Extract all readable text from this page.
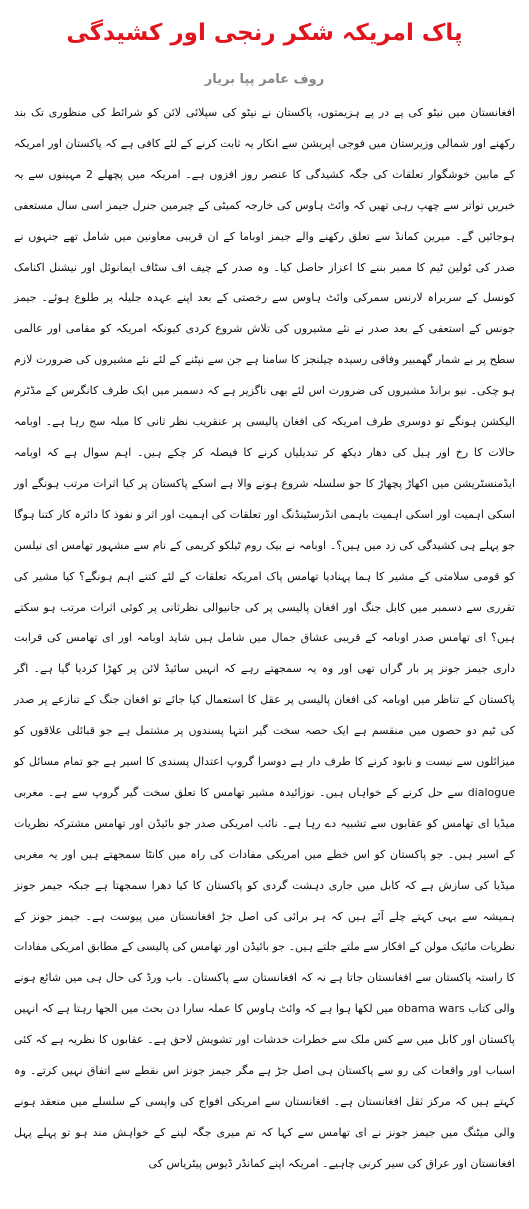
پاک امریکہ شکر رنجی اور کشیدگی
روف عامر پپا بریار

افغانستان میں نیٹو کی پے در پے ہزیمتوں، پاکستان نے نیٹو کی سپلائی لائن کو شرائط کی منظوری تک بند رکھنے اور شمالی وزیرستان میں فوجی اپریشن سے انکار یہ ثابت کرنے کے لئے کافی ہے کہ پاکستان اور امریکہ کے مابین خوشگوار تعلقات کی جگہ کشیدگی کا عنصر روز افزوں ہے۔ امریکہ میں پچھلے 2 مہینوں سے یہ خبریں تواتر سے چھپ رہی تھیں کہ وائٹ ہاوس کی خارجہ کمیٹی کے چیرمین جنرل جیمز اسی سال مستعفی ہوجائیں گے۔ میرین کمانڈ سے تعلق رکھنے والے جیمز اوباما کے ان قریبی معاونین میں شامل تھے جنہوں نے صدر کی ٹولین ٹیم کا ممبر بننے کا اعزاز حاصل کیا۔ وہ صدر کے چیف اف سٹاف ایمانوئل اور نیشنل اکنامک کونسل کے سربراہ لارنس سمرکی وائٹ ہاوس سے رخصتی کے بعد اپنے عہدہ جلیلہ پر طلوع ہوئے۔ جیمز جونس کے استعفی کے بعد صدر نے نئے مشیروں کی تلاش شروع کردی کیونکہ امریکہ کو مقامی اور عالمی سطح پر بے شمار گھمبیر وفاقی رسیدہ چیلنجز کا سامنا ہے جن سے نپٹنے کے لئے نئے مشیروں کی ضرورت لازم ہو چکی۔ نیو برانڈ مشیروں کی ضرورت اس لئے بھی ناگزیر ہے کہ دسمبر میں ایک طرف کانگرس کے مڈٹرم الیکشن ہونگے تو دوسری طرف امریکہ کی افغان پالیسی پر عنقریب نظر ثانی کا میلہ سج رہا ہے۔ اوبامہ حالات کا رخ اور ہیل کی دھار دیکھ کر تبدیلیاں کرنے کا فیصلہ کر چکے ہیں۔ اہم سوال ہے کہ اوبامہ ایڈمنسٹریشن میں اکھاڑ پچھاڑ کا جو سلسلہ شروع ہونے والا ہے اسکے پاکستان پر کیا اثرات مرتب ہونگے اور اسکی اہمیت اور اسکی اہمیت باہمی انڈرسٹینڈنگ اور تعلقات کی اہمیت اور اثر و نفوذ کا دائرہ کار کتنا ہوگا جو پہلے ہی کشیدگی کی زد میں ہیں؟۔ اوبامہ نے بیک روم ٹیلکو کریمی کے نام سے مشہور تھامس ای نیلسن کو قومی سلامتی کے مشیر کا ہما پہنادیا تھامس پاک امریکہ تعلقات کے لئے کتنے اہم ہونگے؟ کیا مشیر کی تقرری سے دسمبر میں کابل جنگ اور افغان پالیسی پر کی جانیوالی نظرثانی پر کوئی اثرات مرتب ہو سکتے ہیں؟ ای تھامس صدر اوبامہ کے قریبی عشاق جمال میں شامل ہیں شاید اوبامہ اور ای تھامس کی قرابت داری جیمز جونز پر بار گراں تھی اور وہ یہ سمجھتے رہے کہ انہیں سائیڈ لائن پر کھڑا کردیا گیا ہے۔ اگر پاکستان کے تناظر میں اوبامہ کی افغان پالیسی پر عقل کا استعمال کیا جائے تو افغان جنگ کے تنازعے پر صدر کی ٹیم دو حصوں میں منقسم ہے ایک حصہ سخت گیر انتہا پسندوں پر مشتمل ہے جو قبائلی علاقوں کو میزائلوں سے نیست و نابود کرنے کا طرف دار ہے دوسرا گروپ اعتدال پسندی کا اسیر ہے جو تمام مسائل کو dialogue سے حل کرنے کے خواہاں ہیں۔ نوزائیدہ مشیر تھامس کا تعلق سخت گیر گروپ سے ہے۔ مغربی میڈیا ای تھامس کو عقابوں سے تشبیہ دے رہا ہے۔ نائب امریکی صدر جو بائیڈن اور تھامس مشترکہ نظریات کے اسیر ہیں۔ جو پاکستان کو اس خطے میں امریکی مفادات کی راہ میں کانٹا سمجھتے ہیں اور یہ مغربی میڈیا کی سازش ہے کہ کابل میں جاری دہشت گردی کو پاکستان کا کیا دھرا سمجھتا ہے جبکہ جیمز جونز ہمیشہ سے یہی کہتے چلے آئے ہیں کہ ہر برائی کی اصل جڑ افغانستان میں پیوست ہے۔ جیمز جونز کے نظریات مائیک مولن کے افکار سے ملتے جلتے ہیں۔ جو بائیڈن اور تھامس کی پالیسی کے مطابق امریکی مفادات کا راستہ پاکستان سے افغانستان جاتا ہے نہ کہ افغانستان سے پاکستان۔ باب ورڈ کی حال ہی میں شائع ہونے والی کتاب obama wars میں لکھا ہوا ہے کہ وائٹ ہاوس کا عملہ سارا دن بحث میں الجھا رہتا ہے کہ انہیں پاکستان اور کابل میں سے کس ملک سے خطرات خدشات اور تشویش لاحق ہے۔ عقابوں کا نظریہ ہے کہ کئی اسباب اور واقعات کی رو سے پاکستان ہی اصل جڑ ہے مگر جیمز جونز اس نقطے سے اتفاق نہیں کرتے۔ وہ کہتے ہیں کہ مرکز ثقل افغانستان ہے۔ افغانستان سے امریکی افواج کی واپسی کے سلسلے میں منعقد ہونے والی میٹنگ میں جیمز جونز نے ای تھامس سے کہا کہ تم میری جگہ لینے کے خواہش مند ہو تو پہلے پہل افغانستان اور عراق کی سیر کرنی چاہیے۔ امریکہ اپنے کمانڈر ڈیوس پیٹریاس کی
